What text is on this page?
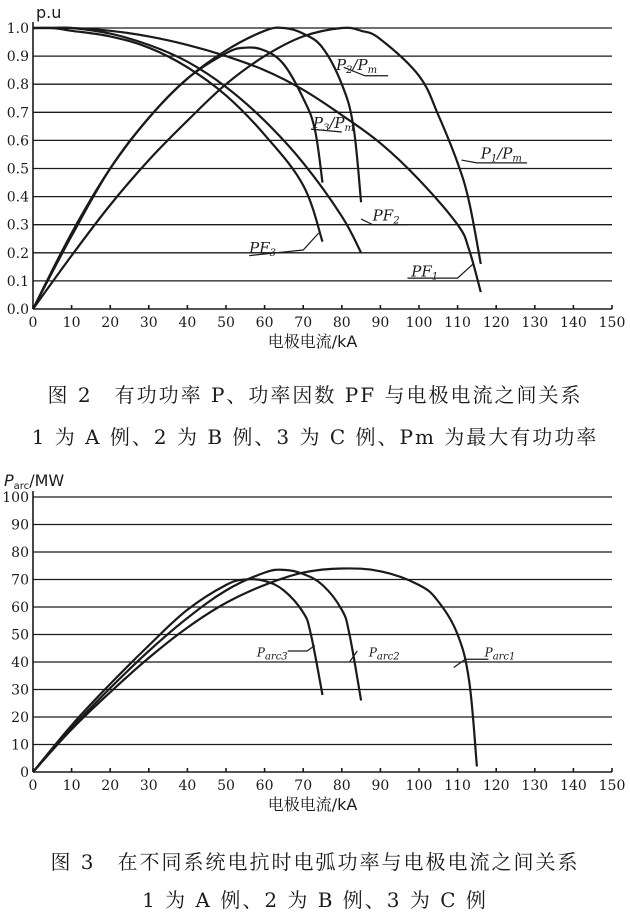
0.0
0.1
0.2
0.3
0.4
0.5
0.6
0.7
0.8
0.9
1.0
0 10 20 30 40 50 60 70 80 90 100 110 120 130 140 150
电极电流/kA
p.u
$P_2/P_m$
$P_3/P_m$
$P_1/P_m$
$PF_2$
$PF_3$
$PF_1$
图 2　有功功率 P、功率因数 PF 与电极电流之间关系
1 为 A 例、2 为 B 例、3 为 C 例、Pm 为最大有功功率
0
10
20
30
40
50
60
70
80
90
100
0 10 20 30 40 50 60 70 80 90 100 110 120 130 140 150
电极电流/kA
Parc/MW
$P_{arc3}$	$P_{arc2}$	$P_{arc1}$
图 3　在不同系统电抗时电弧功率与电极电流之间关系
1 为 A 例、2 为 B 例、3 为 C 例
